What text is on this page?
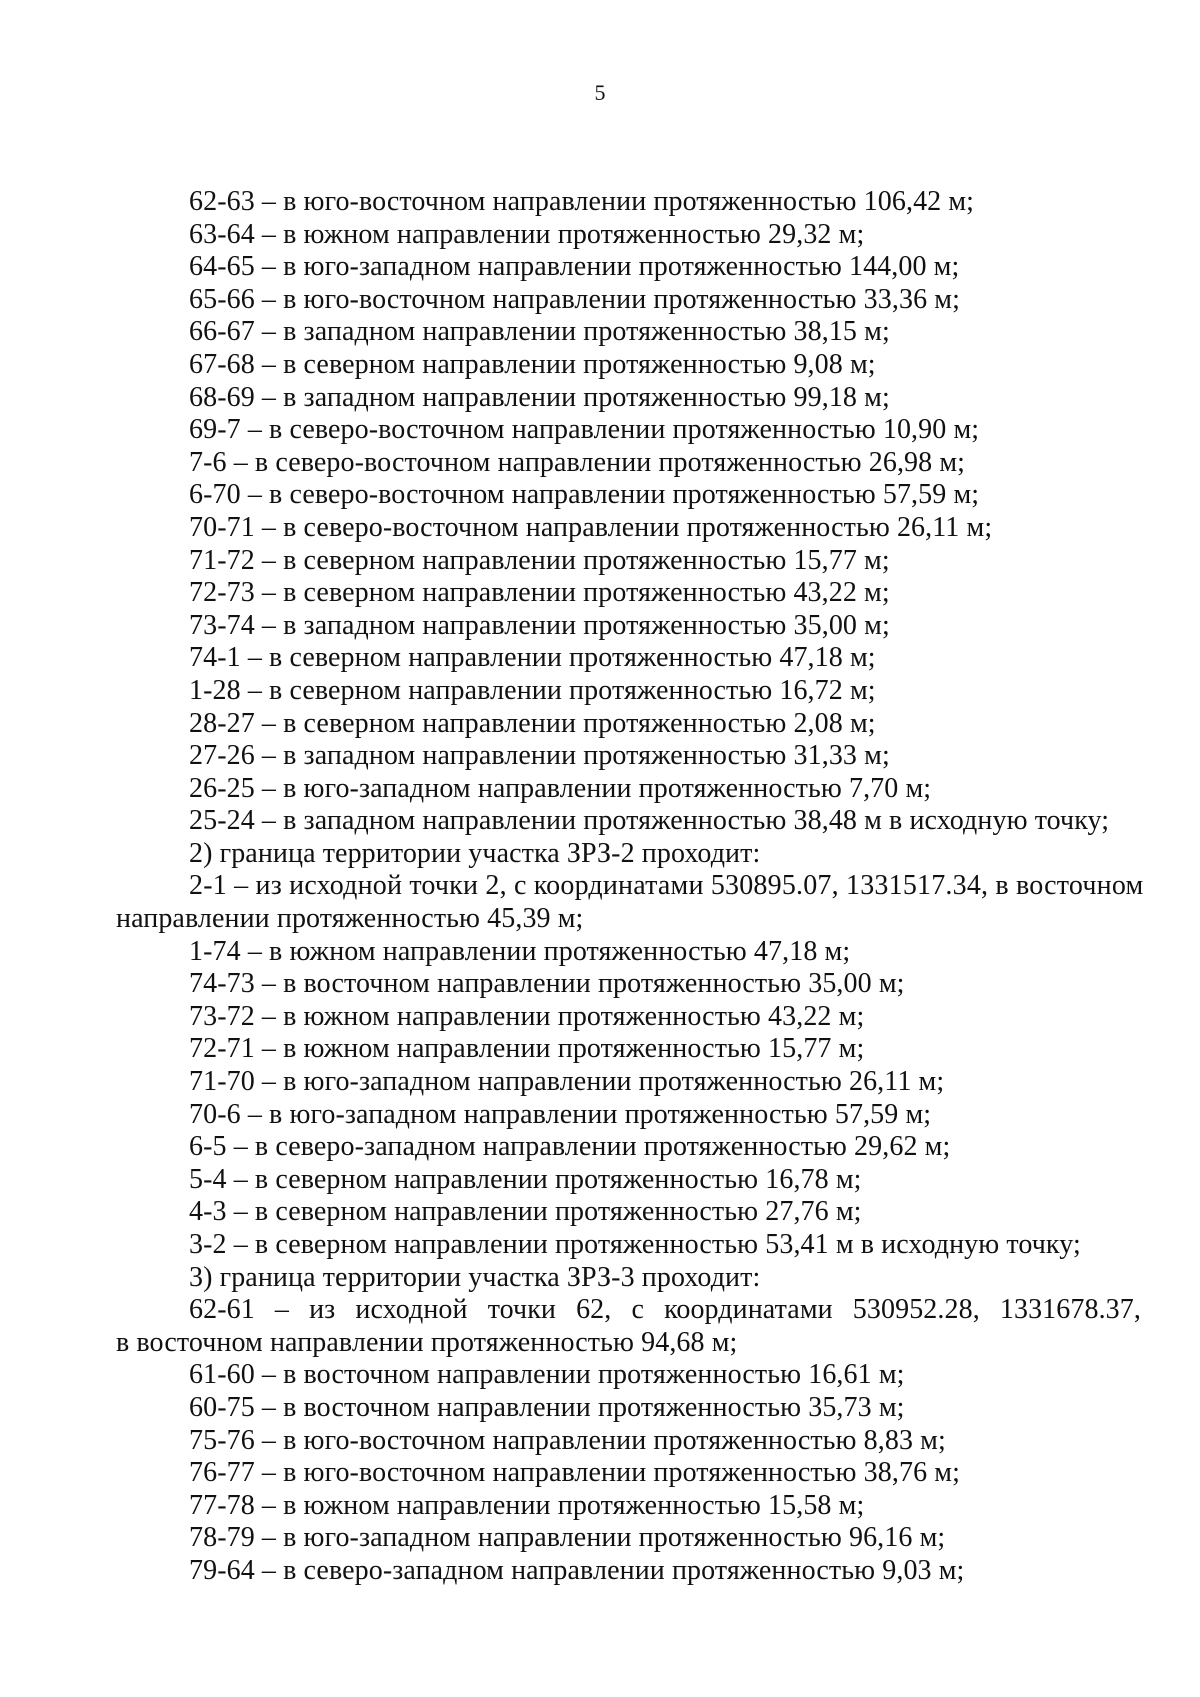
5
62-63 – в юго-восточном направлении протяженностью 106,42 м;
63-64 – в южном направлении протяженностью 29,32 м;
64-65 – в юго-западном направлении протяженностью 144,00 м;
65-66 – в юго-восточном направлении протяженностью 33,36 м;
66-67 – в западном направлении протяженностью 38,15 м;
67-68 – в северном направлении протяженностью 9,08 м;
68-69 – в западном направлении протяженностью 99,18 м;
69-7 – в северо-восточном направлении протяженностью 10,90 м;
7-6 – в северо-восточном направлении протяженностью 26,98 м;
6-70 – в северо-восточном направлении протяженностью 57,59 м;
70-71 – в северо-восточном направлении протяженностью 26,11 м;
71-72 – в северном направлении протяженностью 15,77 м;
72-73 – в северном направлении протяженностью 43,22 м;
73-74 – в западном направлении протяженностью 35,00 м;
74-1 – в северном направлении протяженностью 47,18 м;
1-28 – в северном направлении протяженностью 16,72 м;
28-27 – в северном направлении протяженностью 2,08 м;
27-26 – в западном направлении протяженностью 31,33 м;
26-25 – в юго-западном направлении протяженностью 7,70 м;
25-24 – в западном направлении протяженностью 38,48 м в исходную точку;
2) граница территории участка ЗРЗ-2 проходит:
2-1 – из исходной точки 2, с координатами 530895.07, 1331517.34, в восточном
направлении протяженностью 45,39 м;
1-74 – в южном направлении протяженностью 47,18 м;
74-73 – в восточном направлении протяженностью 35,00 м;
73-72 – в южном направлении протяженностью 43,22 м;
72-71 – в южном направлении протяженностью 15,77 м;
71-70 – в юго-западном направлении протяженностью 26,11 м;
70-6 – в юго-западном направлении протяженностью 57,59 м;
6-5 – в северо-западном направлении протяженностью 29,62 м;
5-4 – в северном направлении протяженностью 16,78 м;
4-3 – в северном направлении протяженностью 27,76 м;
3-2 – в северном направлении протяженностью 53,41 м в исходную точку;
3) граница территории участка ЗРЗ-3 проходит:
62-61 – из исходной точки 62, с координатами 530952.28, 1331678.37,
в восточном направлении протяженностью 94,68 м;
61-60 – в восточном направлении протяженностью 16,61 м;
60-75 – в восточном направлении протяженностью 35,73 м;
75-76 – в юго-восточном направлении протяженностью 8,83 м;
76-77 – в юго-восточном направлении протяженностью 38,76 м;
77-78 – в южном направлении протяженностью 15,58 м;
78-79 – в юго-западном направлении протяженностью 96,16 м;
79-64 – в северо-западном направлении протяженностью 9,03 м;
